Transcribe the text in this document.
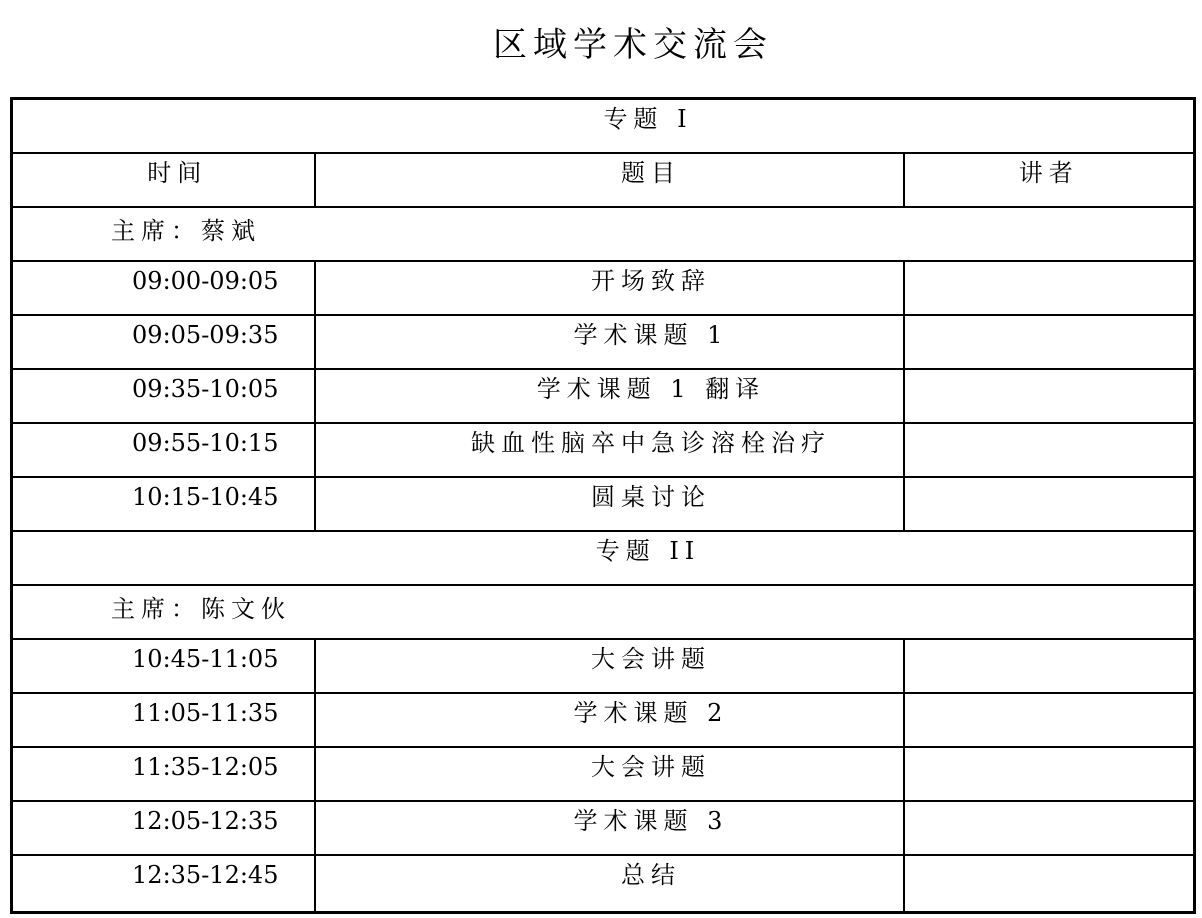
区域学术交流会
专题 I		
时间	题目	讲者
主席：蔡斌		
09:00-09:05	开场致辞	
09:05-09:35	学术课题 1	
09:35-10:05	学术课题 1 翻译	
09:55-10:15	缺血性脑卒中急诊溶栓治疗	
10:15-10:45	圆桌讨论	
专题 II		
主席：陈文伙		
10:45-11:05	大会讲题	
11:05-11:35	学术课题 2	
11:35-12:05	大会讲题	
12:05-12:35	学术课题 3	
12:35-12:45	总结	
